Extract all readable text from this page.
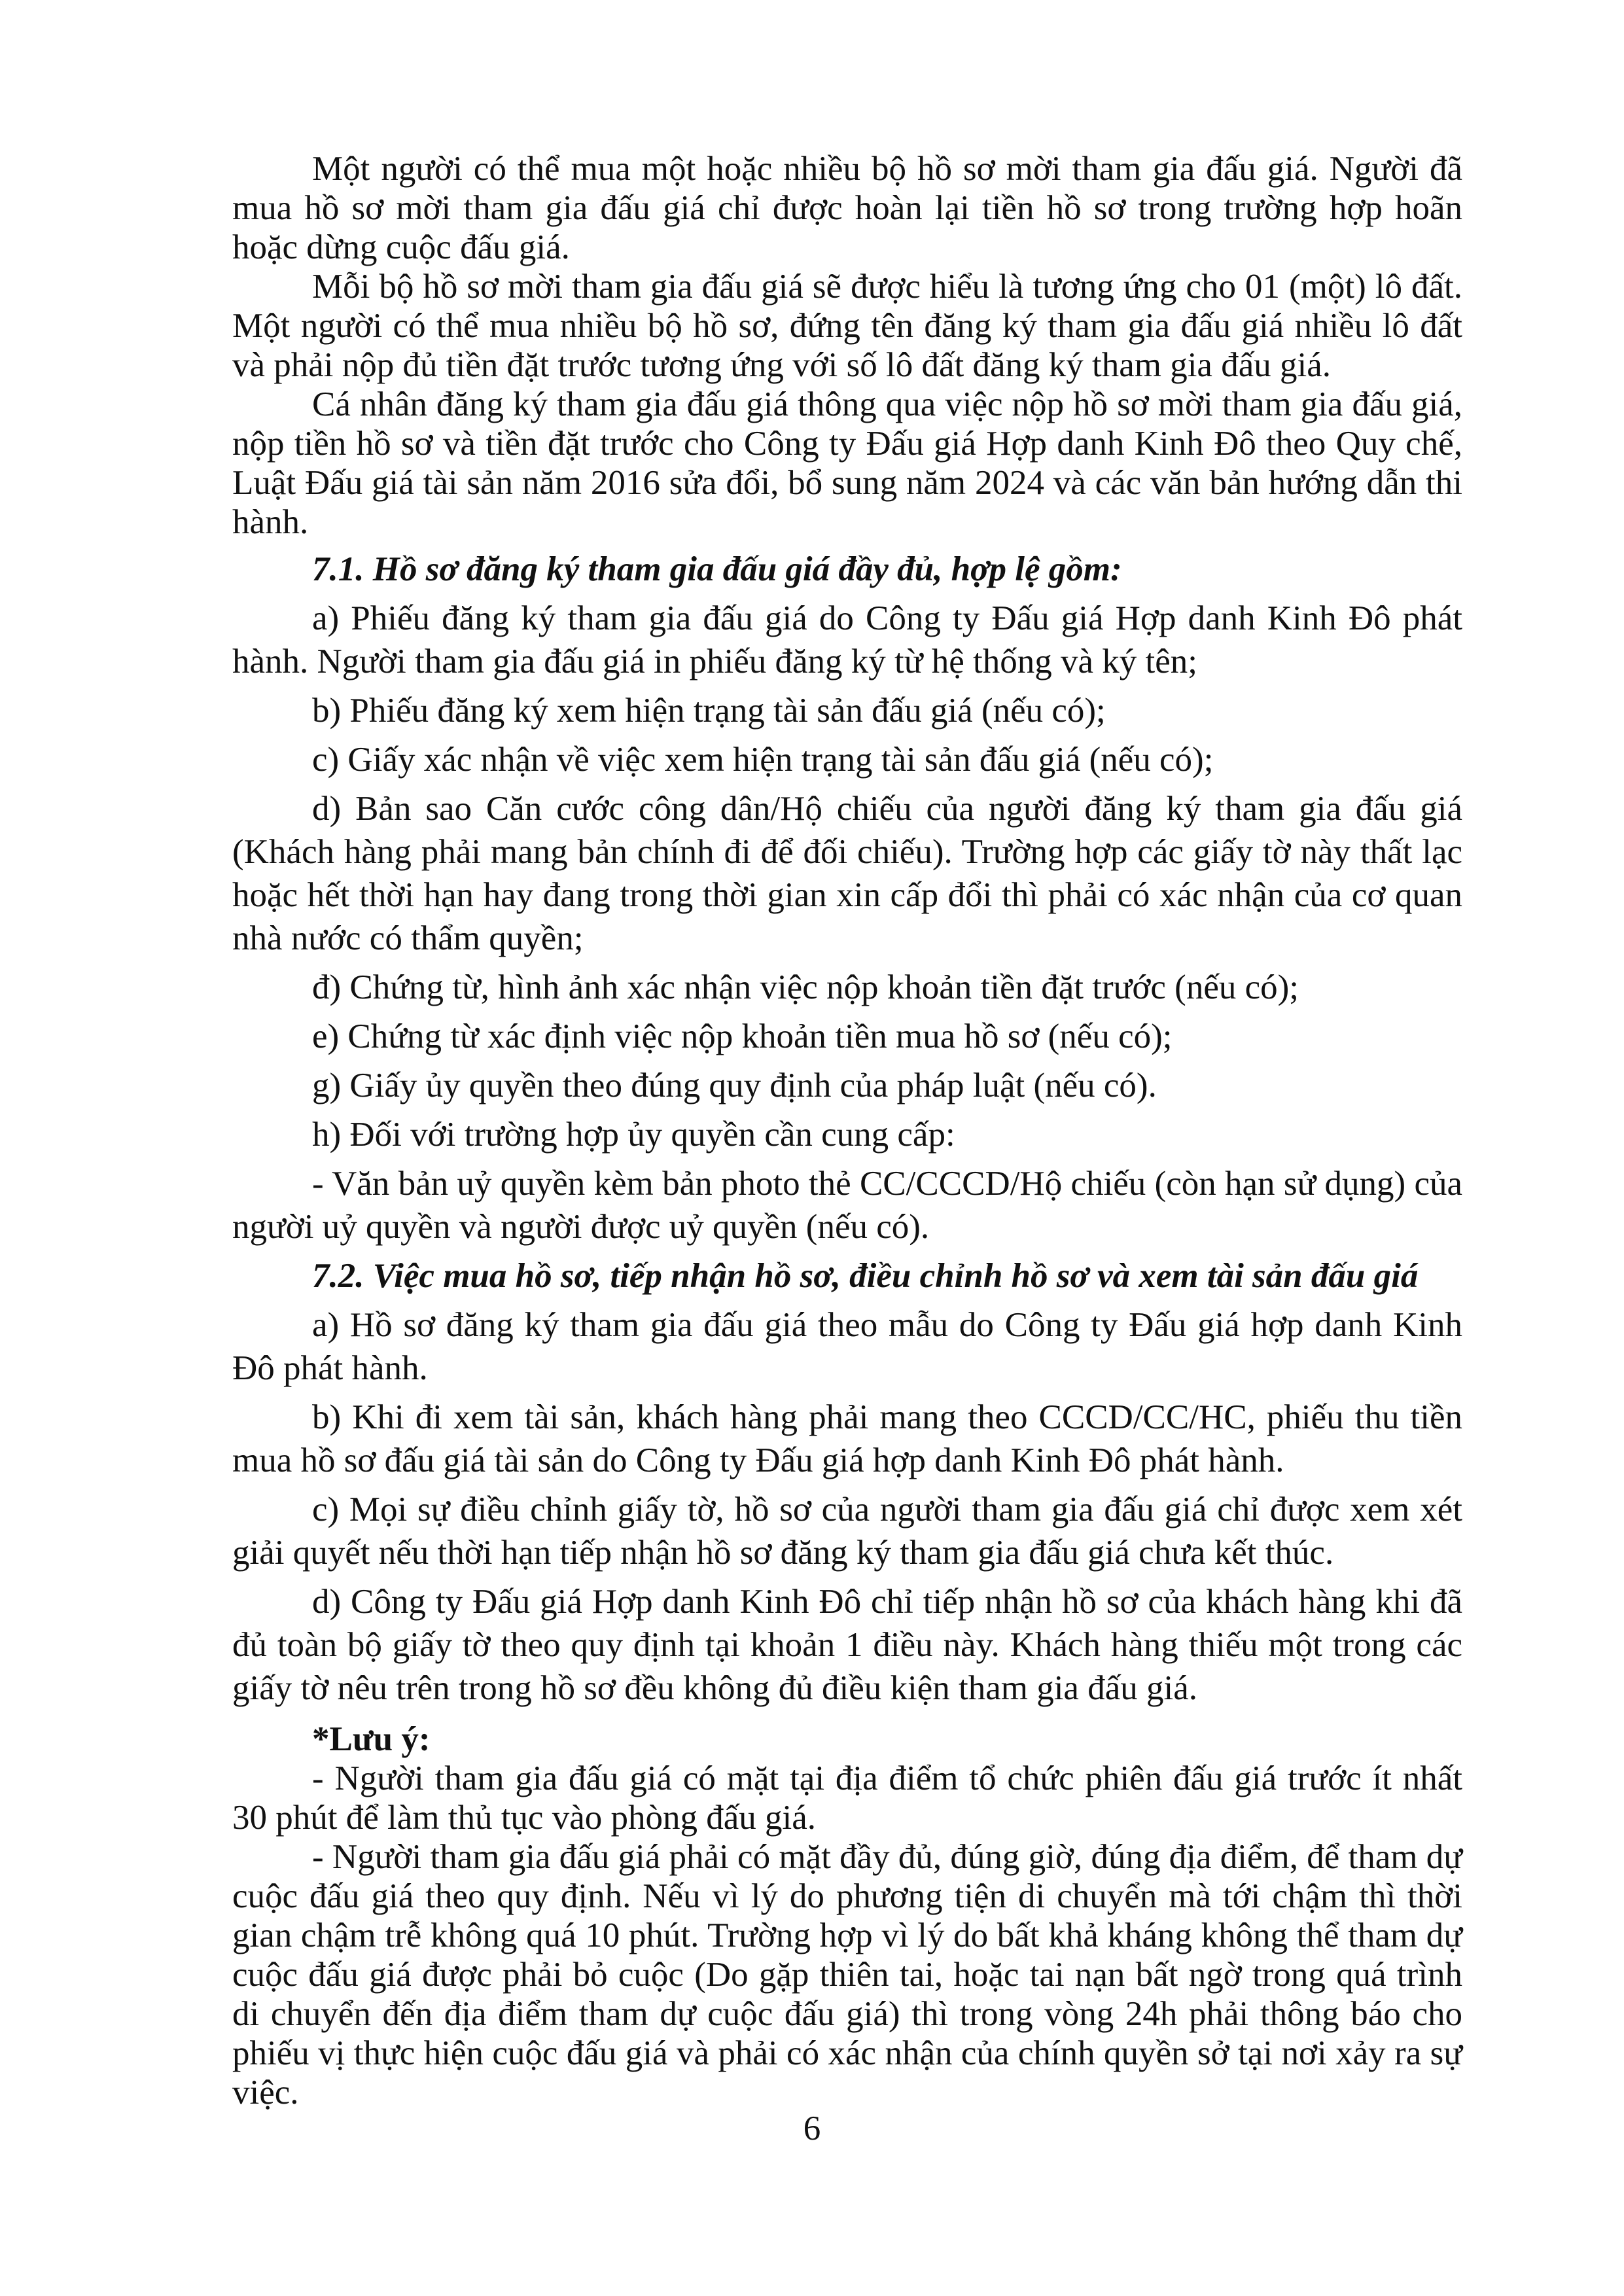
Một người có thể mua một hoặc nhiều bộ hồ sơ mời tham gia đấu giá. Người đã mua hồ sơ mời tham gia đấu giá chỉ được hoàn lại tiền hồ sơ trong trường hợp hoãn hoặc dừng cuộc đấu giá.

Mỗi bộ hồ sơ mời tham gia đấu giá sẽ được hiểu là tương ứng cho 01 (một) lô đất. Một người có thể mua nhiều bộ hồ sơ, đứng tên đăng ký tham gia đấu giá nhiều lô đất và phải nộp đủ tiền đặt trước tương ứng với số lô đất đăng ký tham gia đấu giá.

Cá nhân đăng ký tham gia đấu giá thông qua việc nộp hồ sơ mời tham gia đấu giá, nộp tiền hồ sơ và tiền đặt trước cho Công ty Đấu giá Hợp danh Kinh Đô theo Quy chế, Luật Đấu giá tài sản năm 2016 sửa đổi, bổ sung năm 2024 và các văn bản hướng dẫn thi hành.

7.1. Hồ sơ đăng ký tham gia đấu giá đầy đủ, hợp lệ gồm:

a) Phiếu đăng ký tham gia đấu giá do Công ty Đấu giá Hợp danh Kinh Đô phát hành. Người tham gia đấu giá in phiếu đăng ký từ hệ thống và ký tên;

b) Phiếu đăng ký xem hiện trạng tài sản đấu giá (nếu có);

c) Giấy xác nhận về việc xem hiện trạng tài sản đấu giá (nếu có);

d) Bản sao Căn cước công dân/Hộ chiếu của người đăng ký tham gia đấu giá (Khách hàng phải mang bản chính đi để đối chiếu). Trường hợp các giấy tờ này thất lạc hoặc hết thời hạn hay đang trong thời gian xin cấp đổi thì phải có xác nhận của cơ quan nhà nước có thẩm quyền;

đ) Chứng từ, hình ảnh xác nhận việc nộp khoản tiền đặt trước (nếu có);

e) Chứng từ xác định việc nộp khoản tiền mua hồ sơ (nếu có);

g) Giấy ủy quyền theo đúng quy định của pháp luật (nếu có).

h) Đối với trường hợp ủy quyền cần cung cấp:

- Văn bản uỷ quyền kèm bản photo thẻ CC/CCCD/Hộ chiếu (còn hạn sử dụng) của người uỷ quyền và người được uỷ quyền (nếu có).

7.2. Việc mua hồ sơ, tiếp nhận hồ sơ, điều chỉnh hồ sơ và xem tài sản đấu giá

a) Hồ sơ đăng ký tham gia đấu giá theo mẫu do Công ty Đấu giá hợp danh Kinh Đô phát hành.

b) Khi đi xem tài sản, khách hàng phải mang theo CCCD/CC/HC, phiếu thu tiền mua hồ sơ đấu giá tài sản do Công ty Đấu giá hợp danh Kinh Đô phát hành.

c) Mọi sự điều chỉnh giấy tờ, hồ sơ của người tham gia đấu giá chỉ được xem xét giải quyết nếu thời hạn tiếp nhận hồ sơ đăng ký tham gia đấu giá chưa kết thúc.

d) Công ty Đấu giá Hợp danh Kinh Đô chỉ tiếp nhận hồ sơ của khách hàng khi đã đủ toàn bộ giấy tờ theo quy định tại khoản 1 điều này. Khách hàng thiếu một trong các giấy tờ nêu trên trong hồ sơ đều không đủ điều kiện tham gia đấu giá.

*Lưu ý:

- Người tham gia đấu giá có mặt tại địa điểm tổ chức phiên đấu giá trước ít nhất 30 phút để làm thủ tục vào phòng đấu giá.

- Người tham gia đấu giá phải có mặt đầy đủ, đúng giờ, đúng địa điểm, để tham dự cuộc đấu giá theo quy định. Nếu vì lý do phương tiện di chuyển mà tới chậm thì thời gian chậm trễ không quá 10 phút. Trường hợp vì lý do bất khả kháng không thể tham dự cuộc đấu giá được phải bỏ cuộc (Do gặp thiên tai, hoặc tai nạn bất ngờ trong quá trình di chuyển đến địa điểm tham dự cuộc đấu giá) thì trong vòng 24h phải thông báo cho phiếu vị thực hiện cuộc đấu giá và phải có xác nhận của chính quyền sở tại nơi xảy ra sự việc.

6
